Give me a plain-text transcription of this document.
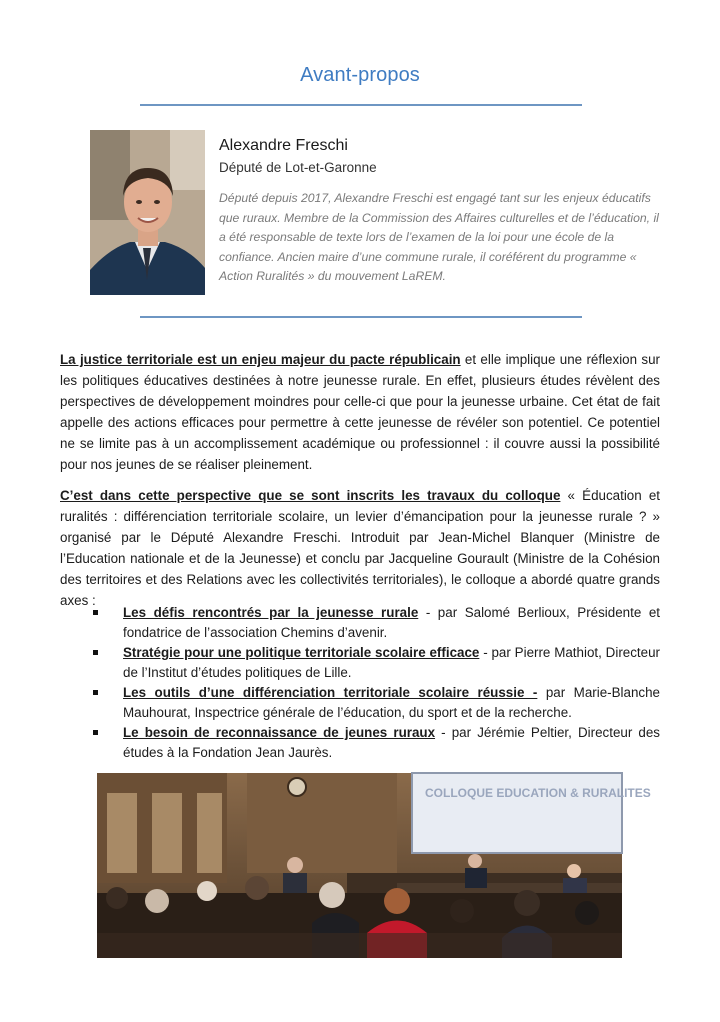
Avant-propos
Alexandre Freschi
Député de Lot-et-Garonne
Député depuis 2017, Alexandre Freschi est engagé tant sur les enjeux éducatifs que ruraux. Membre de la Commission des Affaires culturelles et de l’éducation, il a été responsable de texte lors de l’examen de la loi pour une école de la confiance. Ancien maire d’une commune rurale, il coréférent du programme « Action Ruralités » du mouvement LaREM.
La justice territoriale est un enjeu majeur du pacte républicain et elle implique une réflexion sur les politiques éducatives destinées à notre jeunesse rurale. En effet, plusieurs études révèlent des perspectives de développement moindres pour celle-ci que pour la jeunesse urbaine. Cet état de fait appelle des actions efficaces pour permettre à cette jeunesse de révéler son potentiel. Ce potentiel ne se limite pas à un accomplissement académique ou professionnel : il couvre aussi la possibilité pour nos jeunes de se réaliser pleinement.
C’est dans cette perspective que se sont inscrits les travaux du colloque « Éducation et ruralités : différenciation territoriale scolaire, un levier d’émancipation pour la jeunesse rurale ? » organisé par le Député Alexandre Freschi. Introduit par Jean-Michel Blanquer (Ministre de l’Education nationale et de la Jeunesse) et conclu par Jacqueline Gourault (Ministre de la Cohésion des territoires et des Relations avec les collectivités territoriales), le colloque a abordé quatre grands axes :
Les défis rencontrés par la jeunesse rurale - par Salomé Berlioux, Présidente et fondatrice de l’association Chemins d’avenir.
Stratégie pour une politique territoriale scolaire efficace - par Pierre Mathiot, Directeur de l’Institut d’études politiques de Lille.
Les outils d’une différenciation territoriale scolaire réussie - par Marie-Blanche Mauhourat, Inspectrice générale de l’éducation, du sport et de la recherche.
Le besoin de reconnaissance de jeunes ruraux - par Jérémie Peltier, Directeur des études à la Fondation Jean Jaurès.
COLLOQUE EDUCATION & RURALITES
